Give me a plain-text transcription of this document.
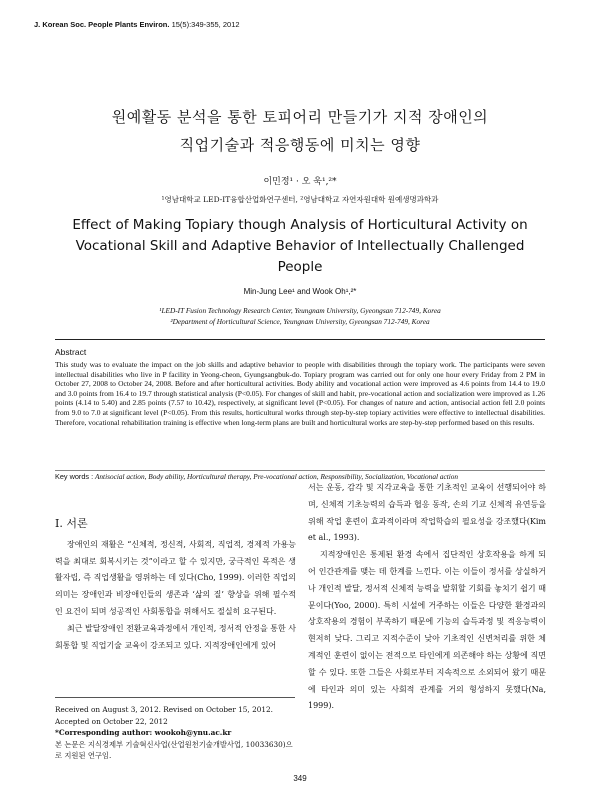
J. Korean Soc. People Plants Environ. 15(5):349-355, 2012
원예활동 분석을 통한 토피어리 만들기가 지적 장애인의
직업기술과 적응행동에 미치는 영향
이민정¹ · 오 욱¹,²*
¹영남대학교 LED-IT융합산업화연구센터, ²영남대학교 자연자원대학 원예생명과학과
Effect of Making Topiary though Analysis of Horticultural Activity on Vocational Skill and Adaptive Behavior of Intellectually Challenged People
Min-Jung Lee¹ and Wook Oh¹,²*
¹LED-IT Fusion Technology Research Center, Yeungnam University, Gyeongsan 712-749, Korea
²Department of Horticultural Science, Yeungnam University, Gyeongsan 712-749, Korea
Abstract
This study was to evaluate the impact on the job skills and adaptive behavior to people with disabilities through the topiary work. The participants were seven intellectual disabilities who live in P facility in Yeong-cheon, Gyungsangbuk-do. Topiary program was carried out for only one hour every Friday from 2 PM in October 27, 2008 to October 24, 2008. Before and after horticultural activities. Body ability and vocational action were improved as 4.6 points from 14.4 to 19.0 and 3.0 points from 16.4 to 19.7 through statistical analysis (P<0.05). For changes of skill and habit, pre-vocational action and socialization were improved as 1.26 points (4.14 to 5.40) and 2.85 points (7.57 to 10.42), respectively, at significant level (P<0.05). For changes of nature and action, antisocial action fell 2.0 points from 9.0 to 7.0 at significant level (P<0.05). From this results, horticultural works through step-by-step topiary activities were effective to intellectual disabilities. Therefore, vocational rehabilitation training is effective when long-term plans are built and horticultural works are step-by-step performed based on this results.
Key words : Antisocial action, Body ability, Horticultural therapy, Pre-vocational action, Responsibility, Socialization, Vocational action
Ⅰ. 서론

장애인의 재활은 “신체적, 정신적, 사회적, 직업적, 경제적 가용능력을 최대로 회복시키는 것”이라고 할 수 있지만, 궁극적인 목적은 생활자립, 즉 직업생활을 영위하는 데 있다(Cho, 1999). 이러한 직업의 의미는 장애인과 비장애인들의 생존과 ‘삶의 질’ 향상을 위해 필수적인 요건이 되며 성공적인 사회통합을 위해서도 절실히 요구된다.

최근 발달장애인 전환교육과정에서 개인적, 정서적 안정을 통한 사회통합 및 직업기술 교육이 강조되고 있다. 지적장애인에게 있어

서는 운동, 감각 및 지각교육을 통한 기초적인 교육이 선행되어야 하며, 신체적 기초능력의 습득과 협응 동작, 손의 기교 신체적 유연등을 위해 작업 훈련이 효과적이라며 작업학습의 필요성을 강조했다(Kim et al., 1993).

지적장애인은 통제된 환경 속에서 집단적인 상호작용을 하게 되어 인간관계를 맺는 데 한계를 느낀다. 이는 이들이 정서를 상실하거나 개인적 발달, 정서적 신체적 능력을 발휘할 기회를 놓치기 쉽기 때문이다(Yoo, 2000). 특히 시설에 거주하는 이들은 다양한 환경과의 상호작용의 경험이 부족하기 때문에 기능의 습득과정 및 적응능력이 현저히 낮다. 그리고 지적수준이 낮아 기초적인 신변처리를 위한 체계적인 훈련이 없이는 전적으로 타인에게 의존해야 하는 상황에 직면할 수 있다. 또한 그들은 사회로부터 지속적으로 소외되어 왔기 때문에 타인과 의미 있는 사회적 관계를 거의 형성하지 못했다(Na, 1999).

Received on August 3, 2012. Revised on October 15, 2012.
Accepted on October 22, 2012
*Corresponding author: wookoh@ynu.ac.kr
본 논문은 지식경제부 기술혁신사업(산업원천기술개발사업, 10033630)으로 지원된 연구임.
349
